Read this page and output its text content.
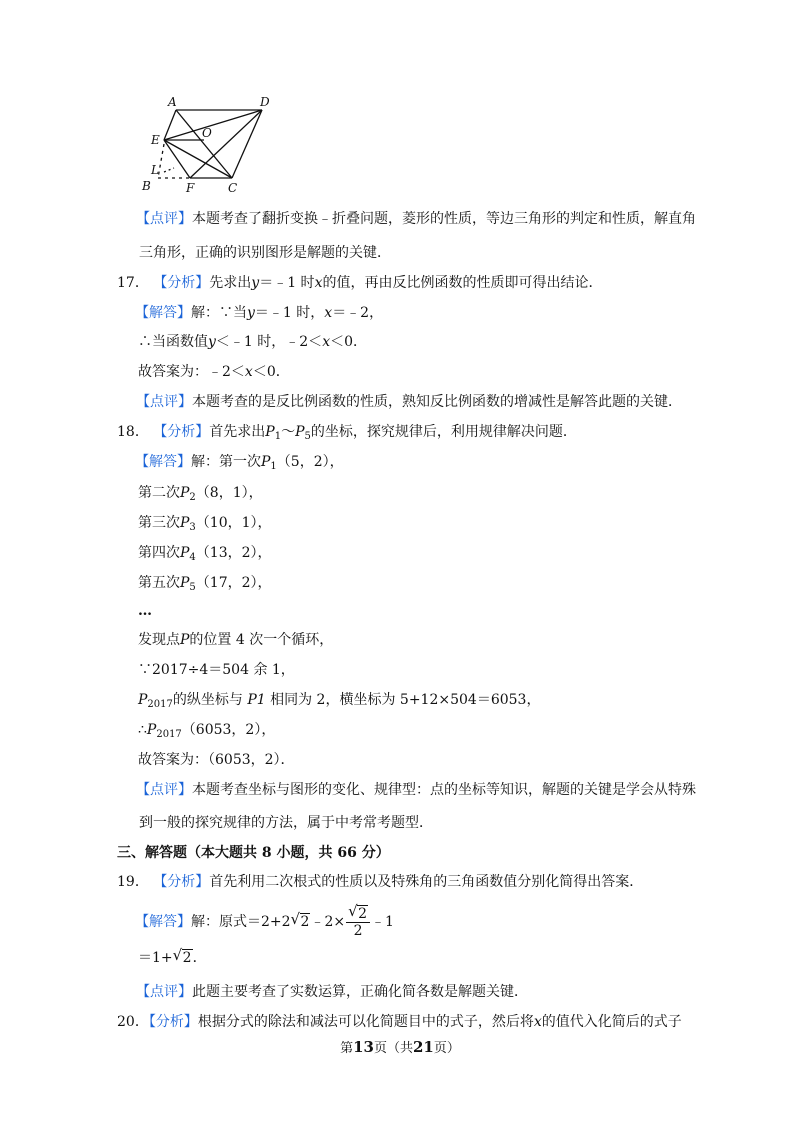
A	D
E	O
L
B	F	C
【点评】本题考查了翻折变换﹣折叠问题，菱形的性质，等边三角形的判定和性质，解直角
三角形，正确的识别图形是解题的关键．
17． 【分析】先求出y＝﹣1 时x的值，再由反比例函数的性质即可得出结论．
【解答】解：∵当y＝﹣1 时，x＝﹣2，
∴当函数值y＜﹣1 时，﹣2＜x＜0．
故答案为：﹣2＜x＜0．
【点评】本题考查的是反比例函数的性质，熟知反比例函数的增减性是解答此题的关键．
18． 【分析】首先求出$P_1\sim P_5$的坐标，探究规律后，利用规律解决问题．
【解答】解：第一次$P_1(5$，2），
第二次$P_2(8$，1），
第三次$P_3(10$，1），
第四次$P_4(13$，2），
第五次$P_5(17$，2），
…
发现点P的位置 4 次一个循环，
∵2017÷4＝504 余 1，
$P_{2017}$的纵坐标与 P1 相同为 2，横坐标为 5+12×504＝6053，
$\therefore P_{2017}(6053$，2），
故答案为：（6053，2）．
【点评】本题考查坐标与图形的变化、规律型：点的坐标等知识，解题的关键是学会从特殊
到一般的探究规律的方法，属于中考常考题型．
三、解答题（本大题共 8 小题，共 66 分）
19． 【分析】首先利用二次根式的性质以及特殊角的三角函数值分别化简得出答案．
【解答】解：原式＝2+2 √ 2﹣2× $\frac{√ 2}{2}$ ﹣1
＝1+ √ 2．
【点评】此题主要考查了实数运算，正确化简各数是解题关键．
20．【分析】根据分式的除法和减法可以化简题目中的式子，然后将x的值代入化简后的式子
第13页（共21页）
